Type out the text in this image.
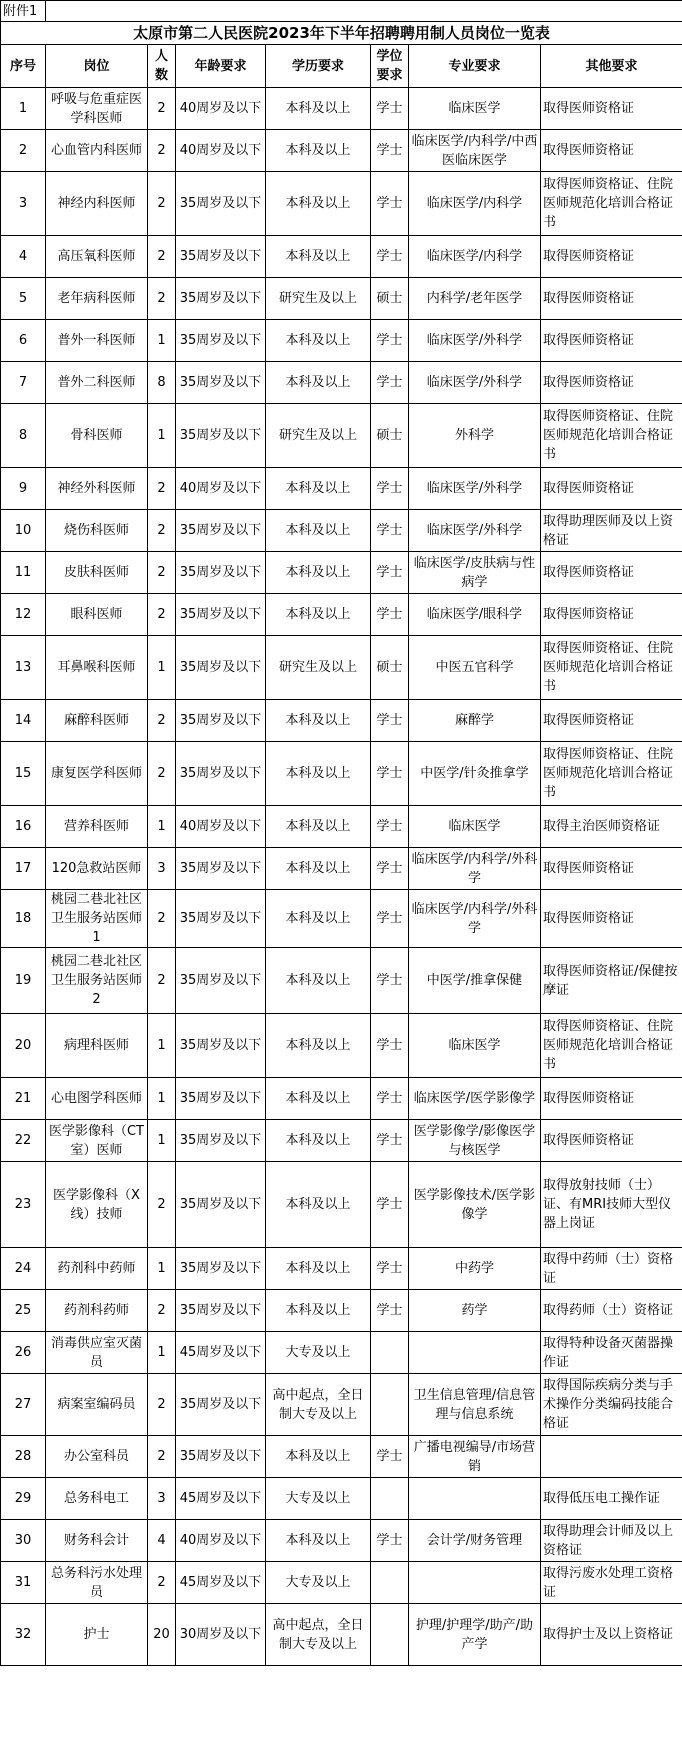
附件1							
太原市第二人民医院2023年下半年招聘聘用制人员岗位一览表							
序号	岗位	人数	年龄要求	学历要求	学位要求	专业要求	其他要求
1	呼吸与危重症医学科医师	2	40周岁及以下	本科及以上	学士	临床医学	取得医师资格证
2	心血管内科医师	2	40周岁及以下	本科及以上	学士	临床医学/内科学/中西医临床医学	取得医师资格证
3	神经内科医师	2	35周岁及以下	本科及以上	学士	临床医学/内科学	取得医师资格证、住院医师规范化培训合格证书
4	高压氧科医师	2	35周岁及以下	本科及以上	学士	临床医学/内科学	取得医师资格证
5	老年病科医师	2	35周岁及以下	研究生及以上	硕士	内科学/老年医学	取得医师资格证
6	普外一科医师	1	35周岁及以下	本科及以上	学士	临床医学/外科学	取得医师资格证
7	普外二科医师	8	35周岁及以下	本科及以上	学士	临床医学/外科学	取得医师资格证
8	骨科医师	1	35周岁及以下	研究生及以上	硕士	外科学	取得医师资格证、住院医师规范化培训合格证书
9	神经外科医师	2	40周岁及以下	本科及以上	学士	临床医学/外科学	取得医师资格证
10	烧伤科医师	2	35周岁及以下	本科及以上	学士	临床医学/外科学	取得助理医师及以上资格证
11	皮肤科医师	2	35周岁及以下	本科及以上	学士	临床医学/皮肤病与性病学	取得医师资格证
12	眼科医师	2	35周岁及以下	本科及以上	学士	临床医学/眼科学	取得医师资格证
13	耳鼻喉科医师	1	35周岁及以下	研究生及以上	硕士	中医五官科学	取得医师资格证、住院医师规范化培训合格证书
14	麻醉科医师	2	35周岁及以下	本科及以上	学士	麻醉学	取得医师资格证
15	康复医学科医师	2	35周岁及以下	本科及以上	学士	中医学/针灸推拿学	取得医师资格证、住院医师规范化培训合格证书
16	营养科医师	1	40周岁及以下	本科及以上	学士	临床医学	取得主治医师资格证
17	120急救站医师	3	35周岁及以下	本科及以上	学士	临床医学/内科学/外科学	取得医师资格证
18	桃园二巷北社区卫生服务站医师1	2	35周岁及以下	本科及以上	学士	临床医学/内科学/外科学	取得医师资格证
19	桃园二巷北社区卫生服务站医师2	2	35周岁及以下	本科及以上	学士	中医学/推拿保健	取得医师资格证/保健按摩证
20	病理科医师	1	35周岁及以下	本科及以上	学士	临床医学	取得医师资格证、住院医师规范化培训合格证书
21	心电图学科医师	1	35周岁及以下	本科及以上	学士	临床医学/医学影像学	取得医师资格证
22	医学影像科（CT室）医师	1	35周岁及以下	本科及以上	学士	医学影像学/影像医学与核医学	取得医师资格证
23	医学影像科（X线）技师	2	35周岁及以下	本科及以上	学士	医学影像技术/医学影像学	取得放射技师（士）证、有MRI技师大型仪器上岗证
24	药剂科中药师	1	35周岁及以下	本科及以上	学士	中药学	取得中药师（士）资格证
25	药剂科药师	2	35周岁及以下	本科及以上	学士	药学	取得药师（士）资格证
26	消毒供应室灭菌员	1	45周岁及以下	大专及以上			取得特种设备灭菌器操作证
27	病案室编码员	2	35周岁及以下	高中起点，全日制大专及以上		卫生信息管理/信息管理与信息系统	取得国际疾病分类与手术操作分类编码技能合格证
28	办公室科员	2	35周岁及以下	本科及以上	学士	广播电视编导/市场营销	
29	总务科电工	3	45周岁及以下	大专及以上			取得低压电工操作证
30	财务科会计	4	40周岁及以下	本科及以上	学士	会计学/财务管理	取得助理会计师及以上资格证
31	总务科污水处理员	2	45周岁及以下	大专及以上			取得污废水处理工资格证
32	护士	20	30周岁及以下	高中起点，全日制大专及以上		护理/护理学/助产/助产学	取得护士及以上资格证
